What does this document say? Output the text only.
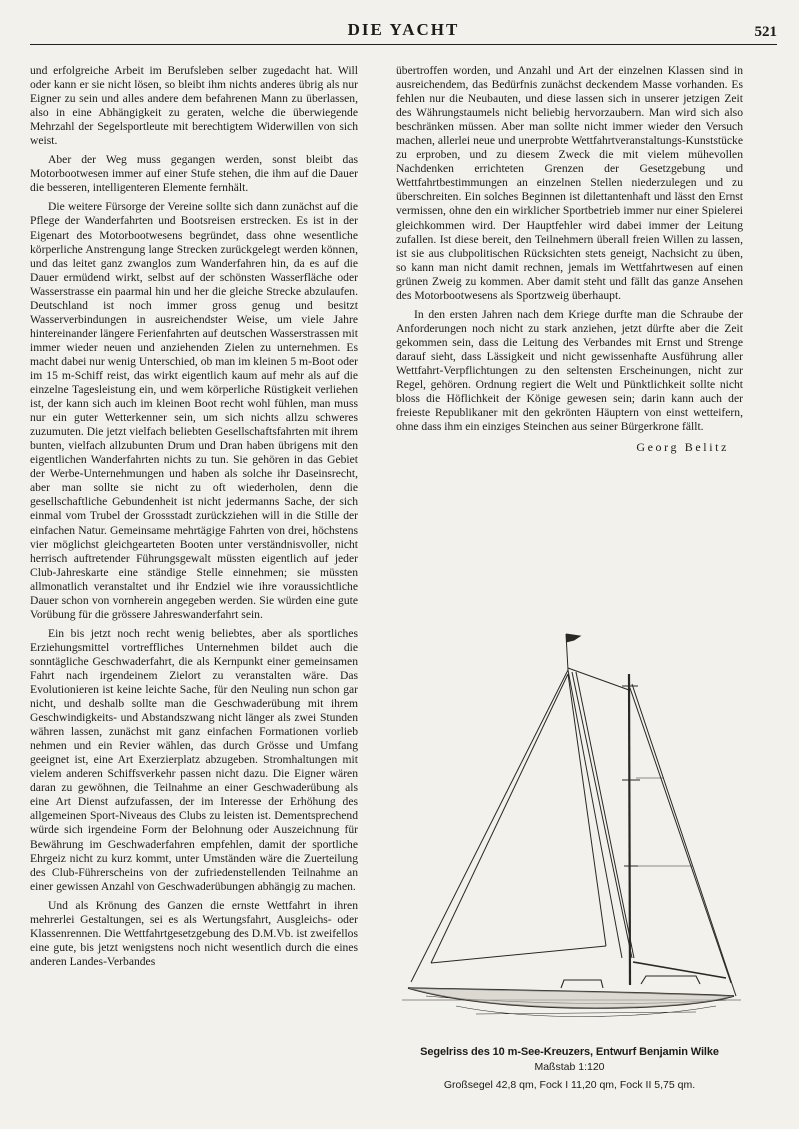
DIE YACHT	521

und erfolgreiche Arbeit im Berufsleben selber zugedacht hat. Will oder kann er sie nicht lösen, so bleibt ihm nichts anderes übrig als nur Eigner zu sein und alles andere dem befahrenen Mann zu überlassen, also in eine Abhängigkeit zu geraten, welche die überwiegende Mehrzahl der Segelsportleute mit berechtigtem Widerwillen von sich weist.

Aber der Weg muss gegangen werden, sonst bleibt das Motorbootwesen immer auf einer Stufe stehen, die ihm auf die Dauer die besseren, intelligenteren Elemente fernhält.

Die weitere Fürsorge der Vereine sollte sich dann zunächst auf die Pflege der Wanderfahrten und Bootsreisen erstrecken. Es ist in der Eigenart des Motorbootwesens begründet, dass ohne wesentliche körperliche Anstrengung lange Strecken zurückgelegt werden können, und das leitet ganz zwanglos zum Wanderfahren hin, da es auf die Dauer ermüdend wirkt, selbst auf der schönsten Wasserfläche oder Wasserstrasse ein paarmal hin und her die gleiche Strecke abzulaufen. Deutschland ist noch immer gross genug und besitzt Wasserverbindungen in ausreichendster Weise, um viele Jahre hintereinander längere Ferienfahrten auf deutschen Wasserstrassen mit immer wieder neuen und anziehenden Zielen zu unternehmen. Es macht dabei nur wenig Unterschied, ob man im kleinen 5 m-Boot oder im 15 m-Schiff reist, das wirkt eigentlich kaum auf mehr als auf die einzelne Tagesleistung ein, und wem körperliche Rüstigkeit verliehen ist, der kann sich auch im kleinen Boot recht wohl fühlen, man muss nur ein guter Wetterkenner sein, um sich nichts allzu schweres zuzumuten. Die jetzt vielfach beliebten Gesellschaftsfahrten mit ihrem bunten, vielfach allzubunten Drum und Dran haben übrigens mit den eigentlichen Wanderfahrten nichts zu tun. Sie gehören in das Gebiet der Werbe-Unternehmungen und haben als solche ihr Daseinsrecht, aber man sollte sie nicht zu oft wiederholen, denn die gesellschaftliche Gebundenheit ist nicht jedermanns Sache, der sich einmal vom Trubel der Grossstadt zurückziehen will in die Stille der einfachen Natur. Gemeinsame mehrtägige Fahrten von drei, höchstens vier möglichst gleichgearteten Booten unter verständnisvoller, nicht herrisch auftretender Führungsgewalt müssten eigentlich auf jeder Club-Jahreskarte eine ständige Stelle einnehmen; sie müssten allmonatlich veranstaltet und ihr Endziel wie ihre voraussichtliche Dauer schon von vornherein angegeben werden. Sie würden eine gute Vorübung für die grössere Jahreswanderfahrt sein.

Ein bis jetzt noch recht wenig beliebtes, aber als sportliches Erziehungsmittel vortreffliches Unternehmen bildet auch die sonntägliche Geschwaderfahrt, die als Kernpunkt einer gemeinsamen Fahrt nach irgendeinem Zielort zu veranstalten wäre. Das Evolutionieren ist keine leichte Sache, für den Neuling nun schon gar nicht, und deshalb sollte man die Geschwaderübung mit ihrem Geschwindigkeits- und Abstandszwang nicht länger als zwei Stunden währen lassen, zunächst mit ganz einfachen Formationen vorlieb nehmen und ein Revier wählen, das durch Grösse und Umfang geeignet ist, eine Art Exerzierplatz abzugeben. Stromhaltungen mit vielem anderen Schiffsverkehr passen nicht dazu. Die Eigner wären daran zu gewöhnen, die Teilnahme an einer Geschwaderübung als eine Art Dienst aufzufassen, der im Interesse der Erhöhung des allgemeinen Sport-Niveaus des Clubs zu leisten ist. Dementsprechend würde sich irgendeine Form der Belohnung oder Auszeichnung für Bewährung im Geschwaderfahren empfehlen, damit der sportliche Ehrgeiz nicht zu kurz kommt, unter Umständen wäre die Zuerteilung des Club-Führerscheins von der zufriedenstellenden Teilnahme an einer gewissen Anzahl von Geschwaderübungen abhängig zu machen.

Und als Krönung des Ganzen die ernste Wettfahrt in ihren mehrerlei Gestaltungen, sei es als Wertungsfahrt, Ausgleichs- oder Klassenrennen. Die Wettfahrtgesetzgebung des D.M.Vb. ist zweifellos eine gute, bis jetzt wenigstens noch nicht wesentlich durch die eines anderen Landes-Verbandes

übertroffen worden, und Anzahl und Art der einzelnen Klassen sind in ausreichendem, das Bedürfnis zunächst deckendem Masse vorhanden. Es fehlen nur die Neubauten, und diese lassen sich in unserer jetzigen Zeit des Währungstaumels nicht beliebig hervorzaubern. Man wird sich also beschränken müssen. Aber man sollte nicht immer wieder den Versuch machen, allerlei neue und unerprobte Wettfahrtveranstaltungs-Kunststücke zu erproben, und zu diesem Zweck die mit vielem mühevollen Nachdenken errichteten Grenzen der Gesetzgebung und Wettfahrtbestimmungen an einzelnen Stellen niederzulegen und zu überschreiten. Ein solches Beginnen ist dilettantenhaft und lässt den Ernst vermissen, ohne den ein wirklicher Sportbetrieb immer nur einer Spielerei gleichkommen wird. Der Hauptfehler wird dabei immer der Leitung zufallen. Ist diese bereit, den Teilnehmern überall freien Willen zu lassen, ist sie aus clubpolitischen Rücksichten stets geneigt, Nachsicht zu üben, so kann man nicht damit rechnen, jemals im Wettfahrtwesen auf einen grünen Zweig zu kommen. Aber damit steht und fällt das ganze Ansehen des Motorbootwesens als Sportzweig überhaupt.

In den ersten Jahren nach dem Kriege durfte man die Schraube der Anforderungen noch nicht zu stark anziehen, jetzt dürfte aber die Zeit gekommen sein, dass die Leitung des Verbandes mit Ernst und Strenge darauf sieht, dass Lässigkeit und nicht gewissenhafte Ausführung aller Wettfahrt-Verpflichtungen zu den seltensten Erscheinungen, nicht zur Regel, gehören. Ordnung regiert die Welt und Pünktlichkeit sollte nicht bloss die Höflichkeit der Könige gewesen sein; darin kann auch der freieste Republikaner mit den gekrönten Häuptern von einst wetteifern, ohne dass ihm ein einziges Steinchen aus seiner Bürgerkrone fällt.

Georg Belitz
Segelriss des 10 m-See-Kreuzers, Entwurf Benjamin Wilke
Maßstab 1:120
Großsegel 42,8 qm, Fock I 11,20 qm, Fock II 5,75 qm.
